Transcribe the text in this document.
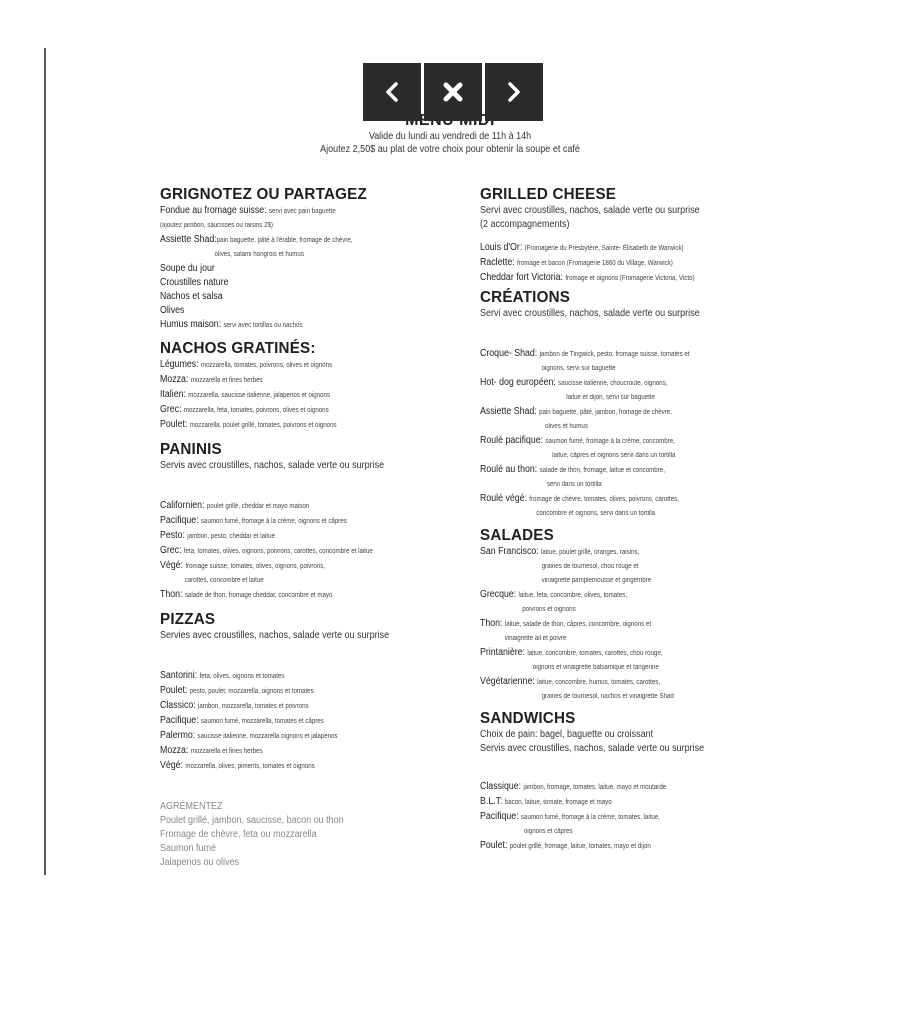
Valide du lundi au vendredi de 11h à 14h
Ajoutez 2,50$ au plat de votre choix pour obtenir la soupe et café
GRIGNOTEZ OU PARTAGEZ
Fondue au fromage suisse: servi avec pain baguette
(ajoutez jambon, saucisses ou raisins 2$)
Assiette Shad:pain baguette, pâté à l'érable, fromage de chèvre,
olives, salami hongrois et humus
Soupe du jour
Croustilles nature
Nachos et salsa
Olives
Humus maison: servi avec tortillas ou nachos
NACHOS GRATINÉS:
Légumes: mozzarella, tomates, poivrons, olives et oignons
Mozza: mozzarella et fines herbes
Italien: mozzarella, saucisse italienne, jalapenos et oignons
Grec: mozzarella, feta, tomates, poivrons, olives et oignons
Poulet: mozzarella, poulet grillé, tomates, poivrons et oignons
PANINIS
Servis avec croustilles, nachos, salade verte ou surprise
Californien: poulet grillé, cheddar et mayo maison
Pacifique: saumon fumé, fromage à la crème, oignons et câpres
Pesto: jambon, pesto, cheddar et laitue
Grec: feta, tomates, olives, oignons, poivrons, carottes, concombre et laitue
Végé: fromage suisse, tomates, olives, oignons, poivrons,
carottes, concombre et laitue
Thon: salade de thon, fromage cheddar, concombre et mayo
PIZZAS
Servies avec croustilles, nachos, salade verte ou surprise
Santorini: feta, olives, oignons et tomates
Poulet: pesto, poulet, mozzarella, oignons et tomates
Classico: jambon, mozzarella, tomates et poivrons
Pacifique: saumon fumé, mozzarella, tomates et câpres
Palermo: saucisse italienne, mozzarella oignons et jalapenos
Mozza: mozzarella et fines herbes
Végé: mozzarella, olives, piments, tomates et oignons
AGRÉMENTEZ
Poulet grillé, jambon, saucisse, bacon ou thon
Fromage de chèvre, feta ou mozzarella
Saumon fumé
Jalapenos ou olives
GRILLED CHEESE
Servi avec croustilles, nachos, salade verte ou surprise
(2 accompagnements)
Louis d'Or: (Fromagerie du Presbytère, Sainte- Élisabeth de Warwick)
Raclette: fromage et bacon (Fromagerie 1860 du Village, Warwick)
Cheddar fort Victoria: fromage et oignons (Fromagerie Victoria, Victo)
CRÉATIONS
Servi avec croustilles, nachos, salade verte ou surprise
Croque- Shad: jambon de Tingwick, pesto, fromage suisse, tomates et
oignons, servi sur baguette
Hot- dog européen: saucisse italienne, choucroute, oignons,
laitue et dijon, servi sur baguette
Assiette Shad: pain baguette, pâté, jambon, fromage de chèvre,
olives et humus
Roulé pacifique: saumon fumé, fromage à la crème, concombre,
laitue, câpres et oignons servi dans un tortilla
Roulé au thon: salade de thon, fromage, laitue et concombre,
servi dans un tortilla
Roulé végé: fromage de chèvre, tomates, olives, poivrons, carottes,
concombre et oignons, servi dans un tortilla
SALADES
San Francisco: laitue, poulet grillé, oranges, raisins,
graines de tournesol, chou rouge et
vinaigrette pamplemousse et gingembre
Grecque: laitue, feta, concombre, olives, tomates,
poivrons et oignons
Thon: laitue, salade de thon, câpres, concombre, oignons et
vinaigrette ail et poivre
Printanière: laitue, concombre, tomates, carottes, chou rouge,
oignons et vinaigrette balsamique et tangerine
Végétarienne: laitue, concombre, humus, tomates, carottes,
graines de tournesol, nachos et vinaigrette Shad
SANDWICHS
Choix de pain: bagel, baguette ou croissant
Servis avec croustilles, nachos, salade verte ou surprise
Classique: jambon, fromage, tomates, laitue, mayo et moutarde
B.L.T: bacon, laitue, tomate, fromage et mayo
Pacifique: saumon fumé, fromage à la crème, tomates, laitue,
oignons et câpres
Poulet: poulet grillé, fromage, laitue, tomates, mayo et dijon
